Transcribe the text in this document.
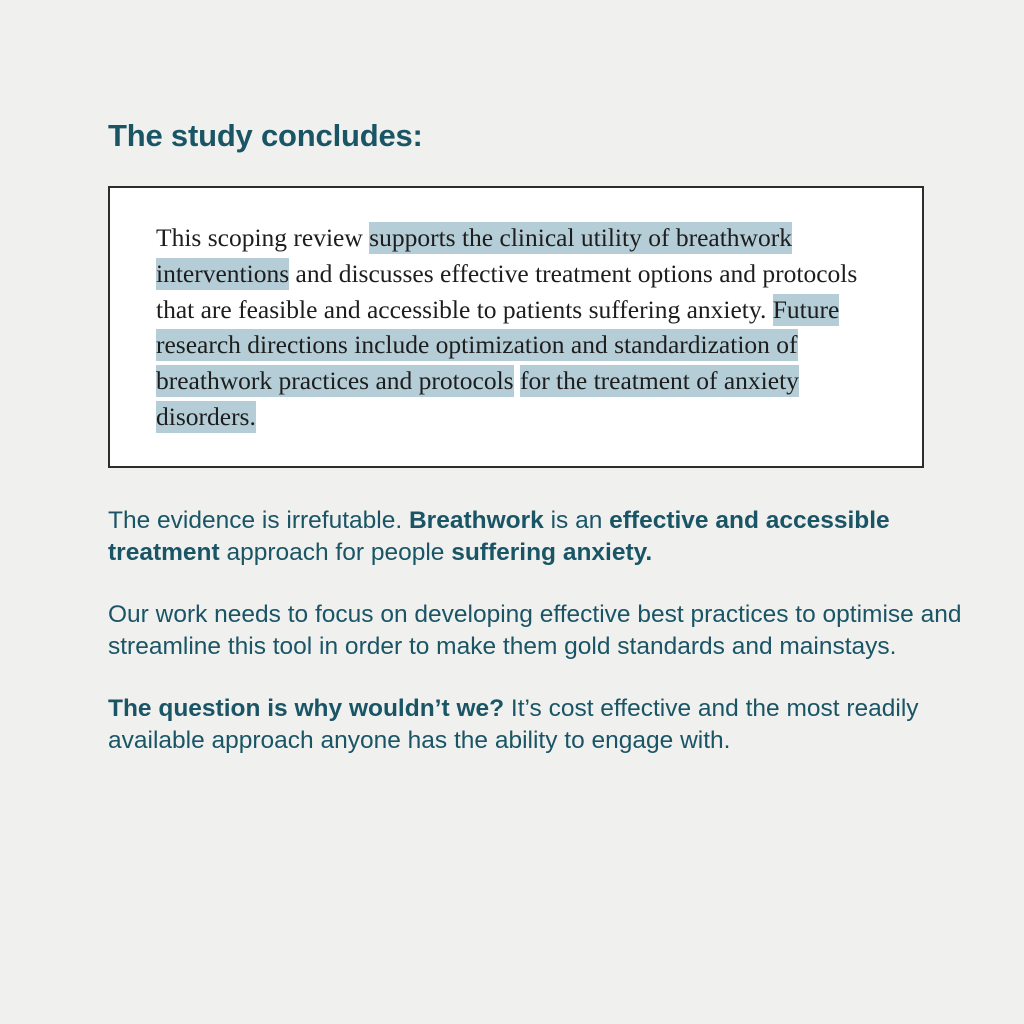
The study concludes:
This scoping review supports the clinical utility of breathwork interventions and discusses effective treatment options and protocols that are feasible and accessible to patients suffering anxiety. Future research directions include optimization and standardization of breathwork practices and protocols for the treatment of anxiety disorders.
The evidence is irrefutable. Breathwork is an effective and accessible treatment approach for people suffering anxiety.
Our work needs to focus on developing effective best practices to optimise and streamline this tool in order to make them gold standards and mainstays.
The question is why wouldn’t we? It’s cost effective and the most readily available approach anyone has the ability to engage with.
